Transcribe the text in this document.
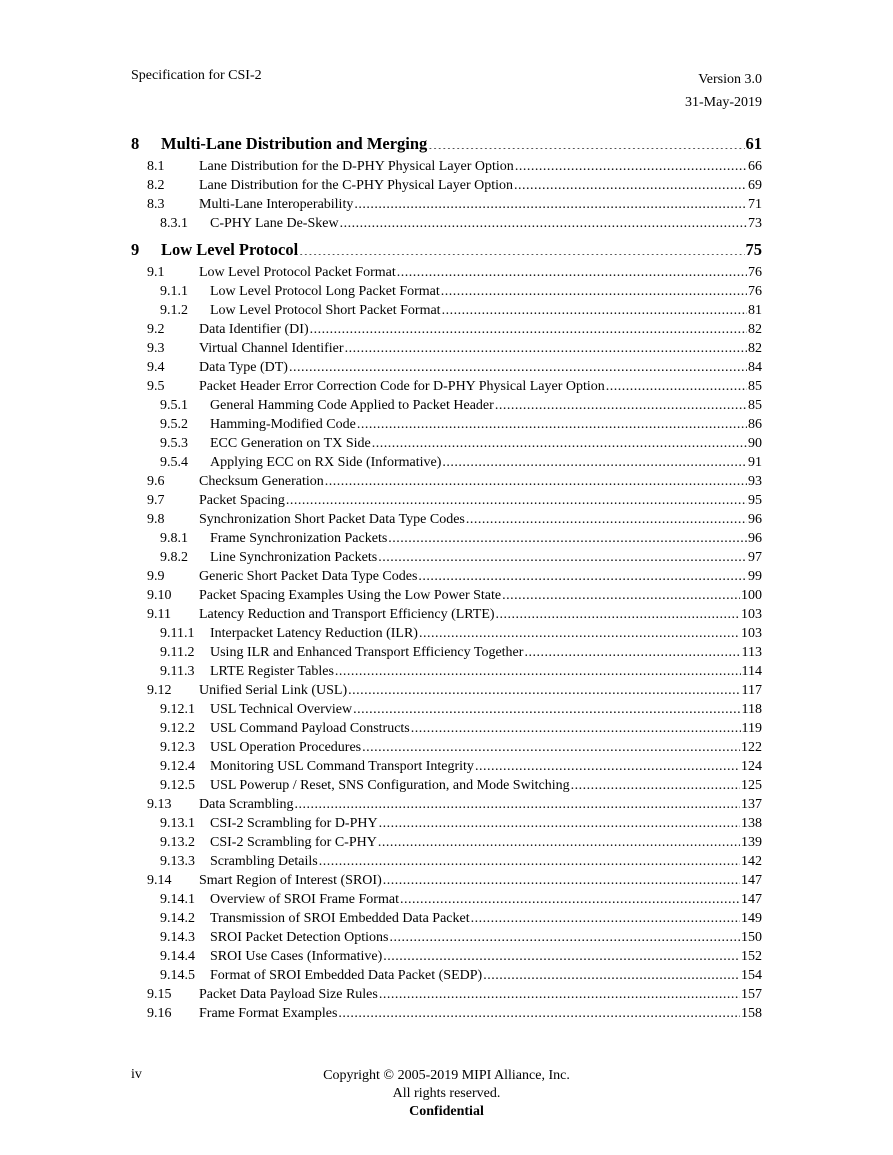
Specification for CSI-2	Version 3.0
31-May-2019
8	Multi-Lane Distribution and Merging .....	61
8.1	Lane Distribution for the D-PHY Physical Layer Option .....	66
8.2	Lane Distribution for the C-PHY Physical Layer Option .....	69
8.3	Multi-Lane Interoperability .....	71
8.3.1	C-PHY Lane De-Skew .....	73
9	Low Level Protocol .....	75
9.1	Low Level Protocol Packet Format .....	76
9.1.1	Low Level Protocol Long Packet Format .....	76
9.1.2	Low Level Protocol Short Packet Format .....	81
9.2	Data Identifier (DI) .....	82
9.3	Virtual Channel Identifier .....	82
9.4	Data Type (DT) .....	84
9.5	Packet Header Error Correction Code for D-PHY Physical Layer Option .....	85
9.5.1	General Hamming Code Applied to Packet Header .....	85
9.5.2	Hamming-Modified Code .....	86
9.5.3	ECC Generation on TX Side .....	90
9.5.4	Applying ECC on RX Side (Informative) .....	91
9.6	Checksum Generation .....	93
9.7	Packet Spacing .....	95
9.8	Synchronization Short Packet Data Type Codes .....	96
9.8.1	Frame Synchronization Packets .....	96
9.8.2	Line Synchronization Packets .....	97
9.9	Generic Short Packet Data Type Codes .....	99
9.10	Packet Spacing Examples Using the Low Power State .....	100
9.11	Latency Reduction and Transport Efficiency (LRTE) .....	103
9.11.1	Interpacket Latency Reduction (ILR) .....	103
9.11.2	Using ILR and Enhanced Transport Efficiency Together .....	113
9.11.3	LRTE Register Tables .....	114
9.12	Unified Serial Link (USL) .....	117
9.12.1	USL Technical Overview .....	118
9.12.2	USL Command Payload Constructs .....	119
9.12.3	USL Operation Procedures .....	122
9.12.4	Monitoring USL Command Transport Integrity .....	124
9.12.5	USL Powerup / Reset, SNS Configuration, and Mode Switching .....	125
9.13	Data Scrambling .....	137
9.13.1	CSI-2 Scrambling for D-PHY .....	138
9.13.2	CSI-2 Scrambling for C-PHY .....	139
9.13.3	Scrambling Details .....	142
9.14	Smart Region of Interest (SROI) .....	147
9.14.1	Overview of SROI Frame Format .....	147
9.14.2	Transmission of SROI Embedded Data Packet .....	149
9.14.3	SROI Packet Detection Options .....	150
9.14.4	SROI Use Cases (Informative) .....	152
9.14.5	Format of SROI Embedded Data Packet (SEDP) .....	154
9.15	Packet Data Payload Size Rules .....	157
9.16	Frame Format Examples .....	158
iv	Copyright © 2005-2019 MIPI Alliance, Inc.
All rights reserved.
Confidential
